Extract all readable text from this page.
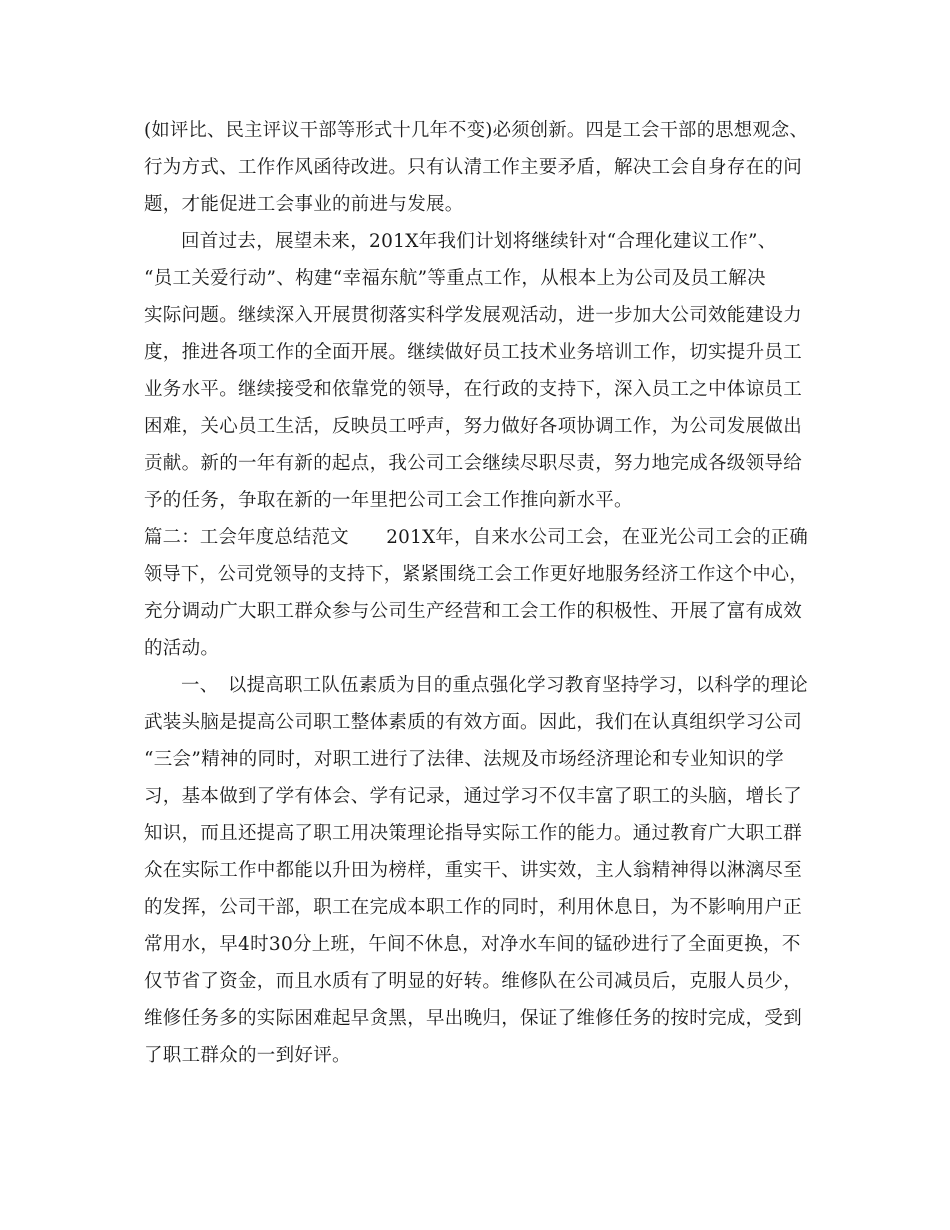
(如评比、民主评议干部等形式十几年不变)必须创新。四是工会干部的思想观念、
行为方式、工作作风函待改进。只有认清工作主要矛盾，解决工会自身存在的问
题，才能促进工会事业的前进与发展。
回首过去，展望未来，201X年我们计划将继续针对“合理化建议工作”、
“员工关爱行动”、构建“幸福东航”等重点工作，从根本上为公司及员工解决
实际问题。继续深入开展贯彻落实科学发展观活动，进一步加大公司效能建设力
度，推进各项工作的全面开展。继续做好员工技术业务培训工作，切实提升员工
业务水平。继续接受和依靠党的领导，在行政的支持下，深入员工之中体谅员工
困难，关心员工生活，反映员工呼声，努力做好各项协调工作，为公司发展做出
贡献。新的一年有新的起点，我公司工会继续尽职尽责，努力地完成各级领导给
予的任务，争取在新的一年里把公司工会工作推向新水平。
篇二：工会年度总结范文　　201X年，自来水公司工会，在亚光公司工会的正确
领导下，公司党领导的支持下，紧紧围绕工会工作更好地服务经济工作这个中心，
充分调动广大职工群众参与公司生产经营和工会工作的积极性、开展了富有成效
的活动。
一、　以提高职工队伍素质为目的重点强化学习教育坚持学习，以科学的理论
武装头脑是提高公司职工整体素质的有效方面。因此，我们在认真组织学习公司
“三会”精神的同时，对职工进行了法律、法规及市场经济理论和专业知识的学
习，基本做到了学有体会、学有记录，通过学习不仅丰富了职工的头脑，增长了
知识，而且还提高了职工用决策理论指导实际工作的能力。通过教育广大职工群
众在实际工作中都能以升田为榜样，重实干、讲实效，主人翁精神得以淋漓尽至
的发挥，公司干部，职工在完成本职工作的同时，利用休息日，为不影响用户正
常用水，早4时30分上班，午间不休息，对净水车间的锰砂进行了全面更换，不
仅节省了资金，而且水质有了明显的好转。维修队在公司减员后，克服人员少，
维修任务多的实际困难起早贪黑，早出晚归，保证了维修任务的按时完成，受到
了职工群众的一到好评。
